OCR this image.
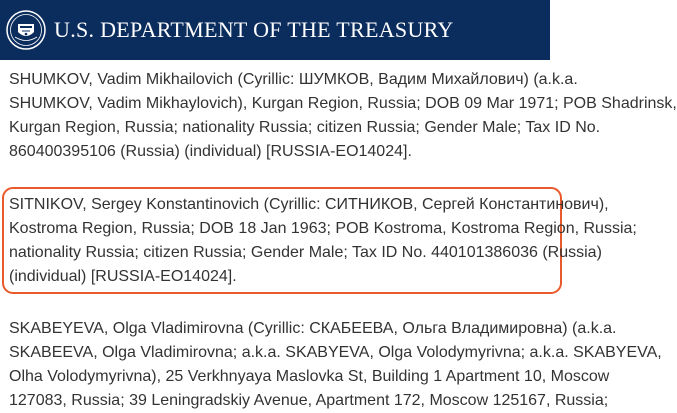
U.S. DEPARTMENT OF THE TREASURY
SHUMKOV, Vadim Mikhailovich (Cyrillic: ШУМКОВ, Вадим Михайлович) (a.k.a.
SHUMKOV, Vadim Mikhaylovich), Kurgan Region, Russia; DOB 09 Mar 1971; POB Shadrinsk,
Kurgan Region, Russia; nationality Russia; citizen Russia; Gender Male; Tax ID No.
860400395106 (Russia) (individual) [RUSSIA-EO14024].
SITNIKOV, Sergey Konstantinovich (Cyrillic: СИТНИКОВ, Сергей Константинович),
Kostroma Region, Russia; DOB 18 Jan 1963; POB Kostroma, Kostroma Region, Russia;
nationality Russia; citizen Russia; Gender Male; Tax ID No. 440101386036 (Russia)
(individual) [RUSSIA-EO14024].
SKABEYEVA, Olga Vladimirovna (Cyrillic: СКАБЕЕВА, Ольга Владимировна) (a.k.a.
SKABEEVA, Olga Vladimirovna; a.k.a. SKABYEVA, Olga Volodymyrivna; a.k.a. SKABYEVA,
Olha Volodymyrivna), 25 Verkhnyaya Maslovka St, Building 1 Apartment 10, Moscow
127083, Russia; 39 Leningradskiy Avenue, Apartment 172, Moscow 125167, Russia;
